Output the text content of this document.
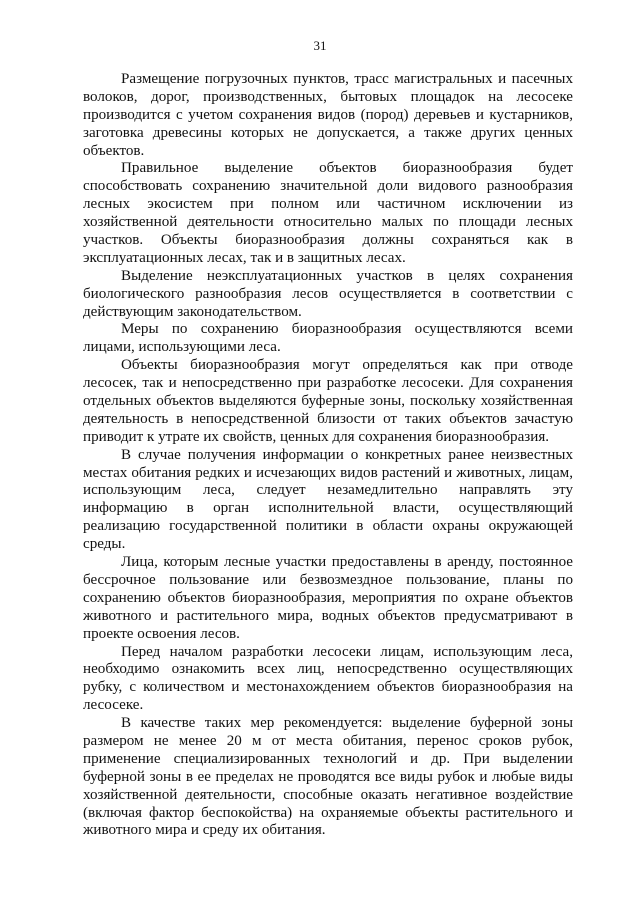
31
Размещение погрузочных пунктов, трасс магистральных и пасечных
волоков, дорог, производственных, бытовых площадок на лесосеке
производится с учетом сохранения видов (пород) деревьев и кустарников,
заготовка древесины которых не допускается, а также других ценных
объектов.
Правильное выделение объектов биоразнообразия будет
способствовать сохранению значительной доли видового разнообразия
лесных экосистем при полном или частичном исключении из
хозяйственной деятельности относительно малых по площади лесных
участков. Объекты биоразнообразия должны сохраняться как в
эксплуатационных лесах, так и в защитных лесах.
Выделение неэксплуатационных участков в целях сохранения
биологического разнообразия лесов осуществляется в соответствии с
действующим законодательством.
Меры по сохранению биоразнообразия осуществляются всеми
лицами, использующими леса.
Объекты биоразнообразия могут определяться как при отводе
лесосек, так и непосредственно при разработке лесосеки. Для сохранения
отдельных объектов выделяются буферные зоны, поскольку хозяйственная
деятельность в непосредственной близости от таких объектов зачастую
приводит к утрате их свойств, ценных для сохранения биоразнообразия.
В случае получения информации о конкретных ранее неизвестных
местах обитания редких и исчезающих видов растений и животных, лицам,
использующим леса, следует незамедлительно направлять эту
информацию в орган исполнительной власти, осуществляющий
реализацию государственной политики в области охраны окружающей
среды.
Лица, которым лесные участки предоставлены в аренду, постоянное
бессрочное пользование или безвозмездное пользование, планы по
сохранению объектов биоразнообразия, мероприятия по охране объектов
животного и растительного мира, водных объектов предусматривают в
проекте освоения лесов.
Перед началом разработки лесосеки лицам, использующим леса,
необходимо ознакомить всех лиц, непосредственно осуществляющих
рубку, с количеством и местонахождением объектов биоразнообразия на
лесосеке.
В качестве таких мер рекомендуется: выделение буферной зоны
размером не менее 20 м от места обитания, перенос сроков рубок,
применение специализированных технологий и др. При выделении
буферной зоны в ее пределах не проводятся все виды рубок и любые виды
хозяйственной деятельности, способные оказать негативное воздействие
(включая фактор беспокойства) на охраняемые объекты растительного и
животного мира и среду их обитания.
